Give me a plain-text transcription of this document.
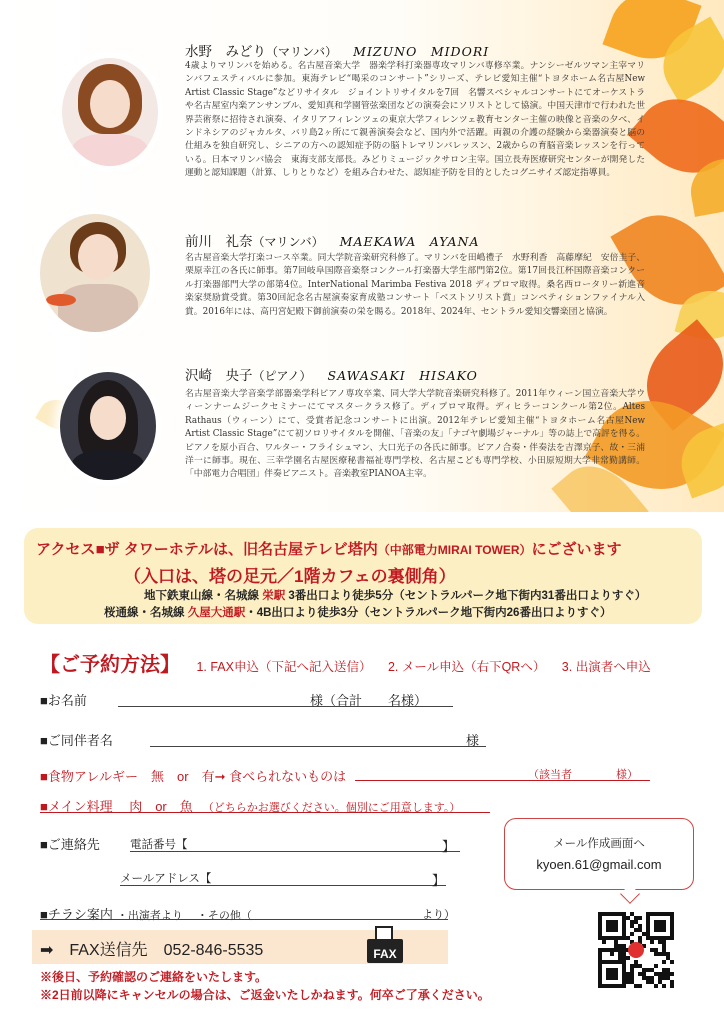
水野　みどり（マリンバ） MIZUNO　MIDORI

4歳よりマリンバを始める。名古屋音楽大学　器楽学科打楽器専攻マリンバ専修卒業。ナンシーゼルツマン主宰マリンバフェスティバルに参加。東海テレビ“喝采のコンサート”シリーズ、テレビ愛知主催“トヨタホーム名古屋New Artist Classic Stage”などリサイタル　ジョイントリサイタルを7回　名響スペシャルコンサートにてオーケストラや名古屋室内楽アンサンブル、愛知真和学園管弦楽団などの演奏会にソリストとして協演。中国天津市で行われた世界芸術祭に招待され演奏、イタリアフィレンツェの東京大学フィレンツェ教育センター主催の映像と音楽の夕べ、インドネシアのジャカルタ、バリ島2ヶ所にて親善演奏会など、国内外で活躍。両親の介護の経験から楽器演奏と脳の仕組みを独自研究し、シニアの方への認知症予防の脳トレマリンバレッスン、2歳からの育脳音楽レッスンを行っている。日本マリンバ協会　東海支部支部長。みどりミュージックサロン主宰。国立長寿医療研究センターが開発した運動と認知課題（計算、しりとりなど）を組み合わせた、認知症予防を目的としたコグニサイズ認定指導員。

前川　礼奈（マリンバ） MAEKAWA　AYANA

名古屋音楽大学打楽コース卒業。同大学院音楽研究科修了。マリンバを田嶋禮子　水野利香　高藤摩紀　安倍圭子、栗原幸江の各氏に師事。第7回岐阜国際音楽祭コンクール打楽器大学生部門第2位。第17回長江杯国際音楽コンクール打楽器部門大学の部第4位。InterNational Marimba Festiva 2018 ディプロマ取得。桑名西ロータリー新進音楽家奨励賞受賞。第30回記念名古屋演奏家育成塾コンサート「ベストソリスト賞」コンペティションファイナル入賞。2016年には、高円宮妃殿下御前演奏の栄を賜る。2018年、2024年、セントラル愛知交響楽団と協演。

沢崎　央子（ピアノ） SAWASAKI　HISAKO

名古屋音楽大学音楽学部器楽学科ピアノ専攻卒業、同大学大学院音楽研究科修了。2011年ウィーン国立音楽大学ウィーンナームジークセミナーにてマスタークラス修了。ディプロマ取得。ディヒラーコンクール第2位。Altes Rathaus（ウィーン）にて、受賞者記念コンサートに出演。2012年テレビ愛知主催“トヨタホーム名古屋New Artist Classic Stage”にて初ソロリサイタルを開催、「音楽の友」「ナゴヤ劇場ジャーナル」等の誌上で高評を得る。ピアノを原小百合、ワルター・フライシュマン、大口光子の各氏に師事。ピアノ合奏・伴奏法を吉澤京子、故・三浦洋一に師事。現在、三幸学園名古屋医療秘書福祉専門学校、名古屋こども専門学校、小田原短期大学非常勤講師。「中部電力合唱団」伴奏ピアニスト。音楽教室PIANOA主宰。

アクセス■ザ タワーホテルは、旧名古屋テレビ塔内（中部電力MIRAI TOWER）にございます
（入口は、塔の足元／1階カフェの裏側角）
地下鉄東山線・名城線 栄駅 3番出口より徒歩5分（セントラルパーク地下街内31番出口よりすぐ）
桜通線・名城線 久屋大通駅・4B出口より徒歩3分（セントラルパーク地下街内26番出口よりすぐ）
【ご予約方法】 1. FAX申込（下記へ記入送信） 2. メール申込（右下QRへ） 3. 出演者へ申込
■お名前	様（合計　　名様）
■ご同伴者名	様
■食物アレルギー　無　or　有➞ 食べられないものは	（該当者　　　　様）
■メイン料理　 肉　or　魚 （どちらかお選びください。個別にご用意します。）
■ご連絡先	電話番号【	】
メールアドレス【	】
■チラシ案内 ・出演者より　 ・その他（	より）
メール作成画面へ
kyoen.61@gmail.com
➡　FAX送信先　052-846-5535	FAX
※後日、予約確認のご連絡をいたします。
※2日前以降にキャンセルの場合は、ご返金いたしかねます。何卒ご了承ください。
